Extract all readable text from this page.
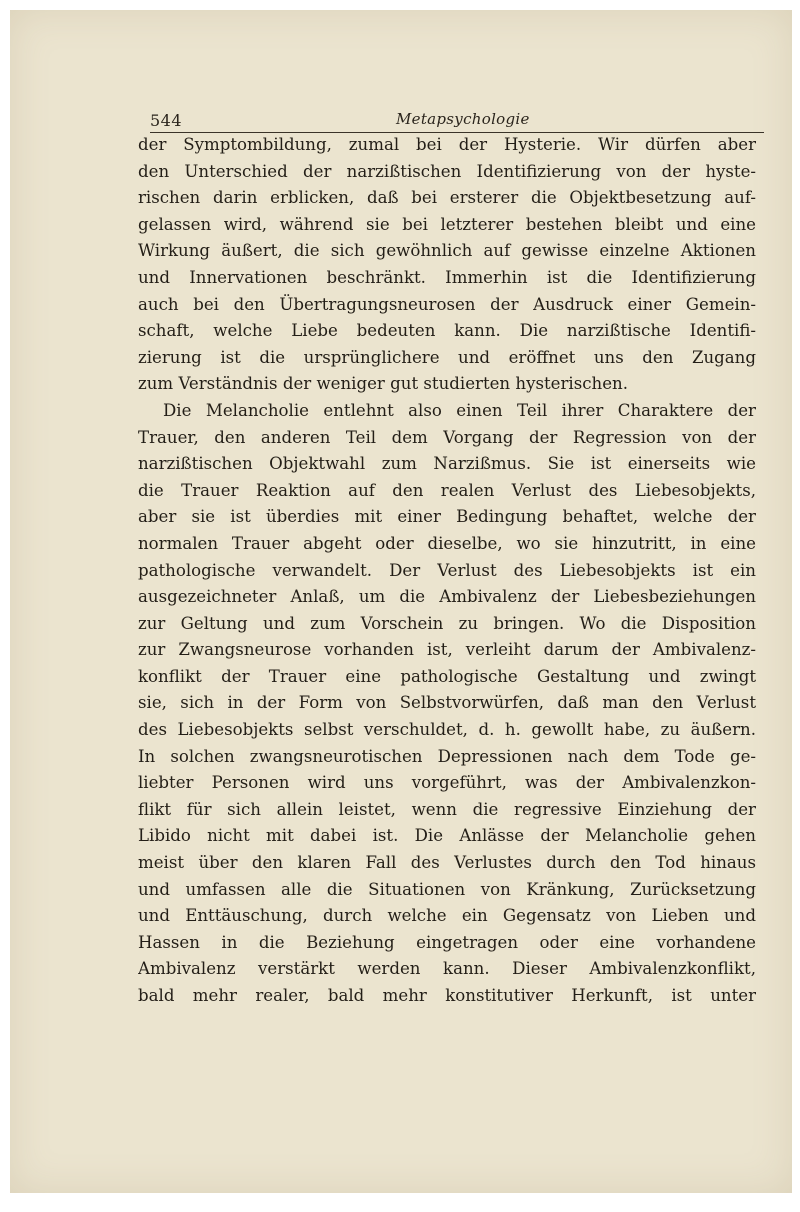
544	Metapsychologie
der Symptombildung, zumal bei der Hysterie. Wir dürfen aber
den Unterschied der narzißtischen Identifizierung von der hyste-
rischen darin erblicken, daß bei ersterer die Objektbesetzung auf-
gelassen wird, während sie bei letzterer bestehen bleibt und eine
Wirkung äußert, die sich gewöhnlich auf gewisse einzelne Aktionen
und Innervationen beschränkt. Immerhin ist die Identifizierung
auch bei den Übertragungsneurosen der Ausdruck einer Gemein-
schaft, welche Liebe bedeuten kann. Die narzißtische Identifi-
zierung ist die ursprünglichere und eröffnet uns den Zugang
zum Verständnis der weniger gut studierten hysterischen.
Die Melancholie entlehnt also einen Teil ihrer Charaktere der
Trauer, den anderen Teil dem Vorgang der Regression von der
narzißtischen Objektwahl zum Narzißmus. Sie ist einerseits wie
die Trauer Reaktion auf den realen Verlust des Liebesobjekts,
aber sie ist überdies mit einer Bedingung behaftet, welche der
normalen Trauer abgeht oder dieselbe, wo sie hinzutritt, in eine
pathologische verwandelt. Der Verlust des Liebesobjekts ist ein
ausgezeichneter Anlaß, um die Ambivalenz der Liebesbeziehungen
zur Geltung und zum Vorschein zu bringen. Wo die Disposition
zur Zwangsneurose vorhanden ist, verleiht darum der Ambivalenz-
konflikt der Trauer eine pathologische Gestaltung und zwingt
sie, sich in der Form von Selbstvorwürfen, daß man den Verlust
des Liebesobjekts selbst verschuldet, d. h. gewollt habe, zu äußern.
In solchen zwangsneurotischen Depressionen nach dem Tode ge-
liebter Personen wird uns vorgeführt, was der Ambivalenzkon-
flikt für sich allein leistet, wenn die regressive Einziehung der
Libido nicht mit dabei ist. Die Anlässe der Melancholie gehen
meist über den klaren Fall des Verlustes durch den Tod hinaus
und umfassen alle die Situationen von Kränkung, Zurücksetzung
und Enttäuschung, durch welche ein Gegensatz von Lieben und
Hassen in die Beziehung eingetragen oder eine vorhandene
Ambivalenz verstärkt werden kann. Dieser Ambivalenzkonflikt,
bald mehr realer, bald mehr konstitutiver Herkunft, ist unter
